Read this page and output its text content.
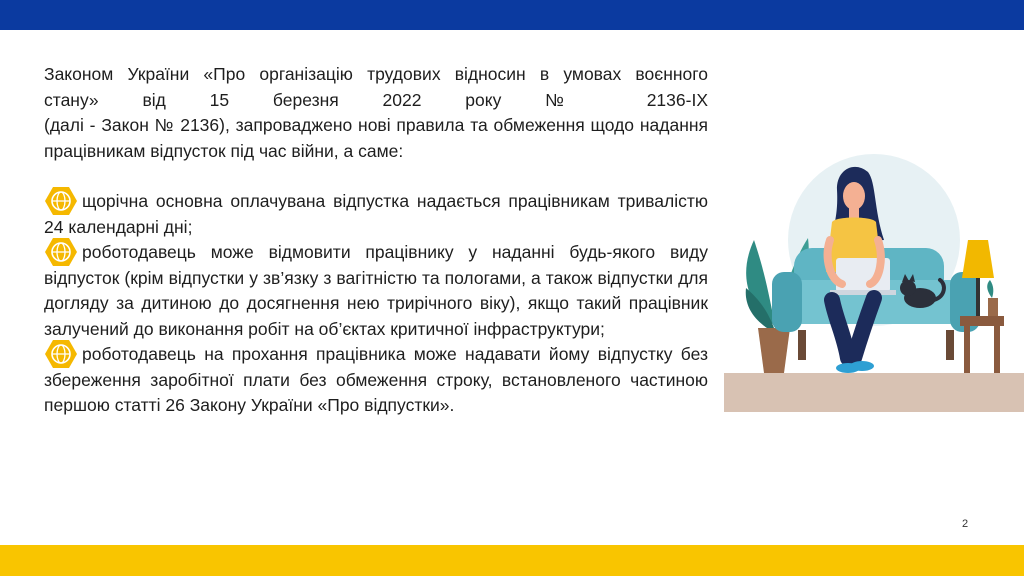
Законом України «Про організацію трудових відносин в умовах воєнного

стану» від 15 березня 2022 року № 2136-IX

(далі - Закон № 2136), запроваджено нові правила та обмеження щодо надання працівникам відпусток під час війни, а саме:

щорічна основна оплачувана відпустка надається працівникам тривалістю 24 календарні дні;

роботодавець може відмовити працівнику у наданні будь-якого виду відпусток (крім відпустки у зв’язку з вагітністю та пологами, а також відпустки для догляду за дитиною до досягнення нею трирічного віку), якщо такий працівник залучений до виконання робіт на об’єктах критичної інфраструктури;

роботодавець на прохання працівника може надавати йому відпустку без збереження заробітної плати без обмеження строку, встановленого частиною першою статті 26 Закону України «Про відпустки».

2
